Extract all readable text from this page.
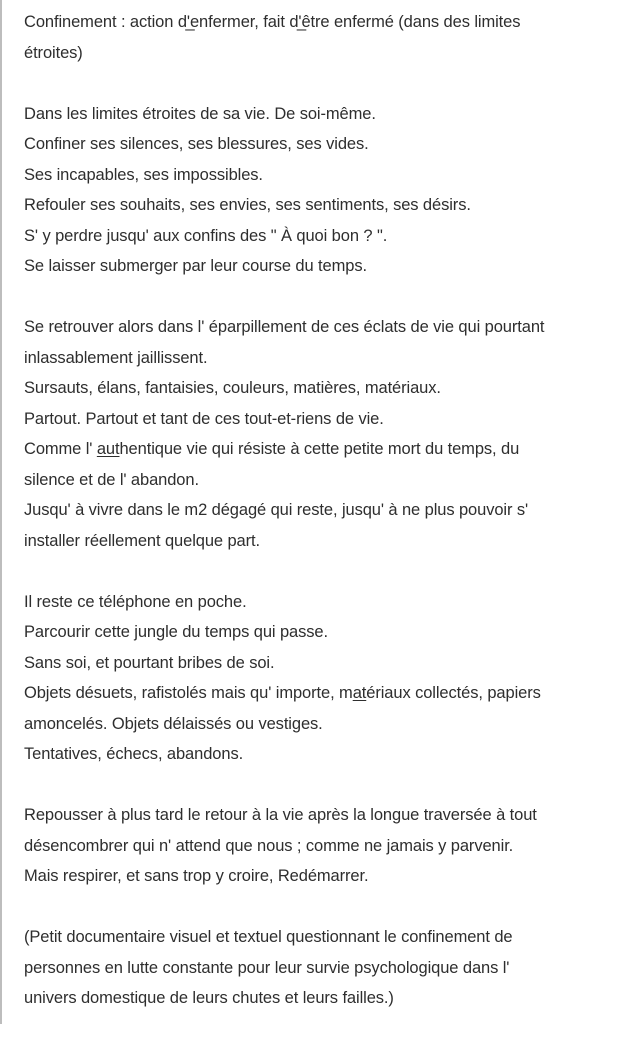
Confinement : action d'̲enfermer, fait d'̲être enfermé (dans des limites
étroites)
Dans les limites étroites de sa vie. De soi-même.
Confiner ses silences, ses blessures, ses vides.
Ses incapables, ses impossibles.
Refouler ses souhaits, ses envies, ses sentiments, ses désirs.
S' y perdre jusqu' aux confins des " À quoi bon ? ".
Se laisser submerger par leur course du temps.
Se retrouver alors dans l' éparpillement de ces éclats de vie qui pourtant
inlassablement jaillissent.
Sursauts, élans, fantaisies, couleurs, matières, matériaux.
Partout. Partout et tant de ces tout-et-riens de vie.
Comme l' authentique vie qui résiste à cette petite mort du temps, du
silence et de l' abandon.
Jusqu' à vivre dans le m2 dégagé qui reste, jusqu' à ne plus pouvoir s'
installer réellement quelque part.
Il reste ce téléphone en poche.
Parcourir cette jungle du temps qui passe.
Sans soi, et pourtant bribes de soi.
Objets désuets, rafistolés mais qu' importe, matériaux collectés, papiers
amoncelés. Objets délaissés ou vestiges.
Tentatives, échecs, abandons.
Repousser à plus tard le retour à la vie après la longue traversée à tout
désencombrer qui n' attend que nous ; comme ne jamais y parvenir.
Mais respirer, et sans trop y croire, Redémarrer.
(Petit documentaire visuel et textuel questionnant le confinement de
personnes en lutte constante pour leur survie psychologique dans l'
univers domestique de leurs chutes et leurs failles.)
